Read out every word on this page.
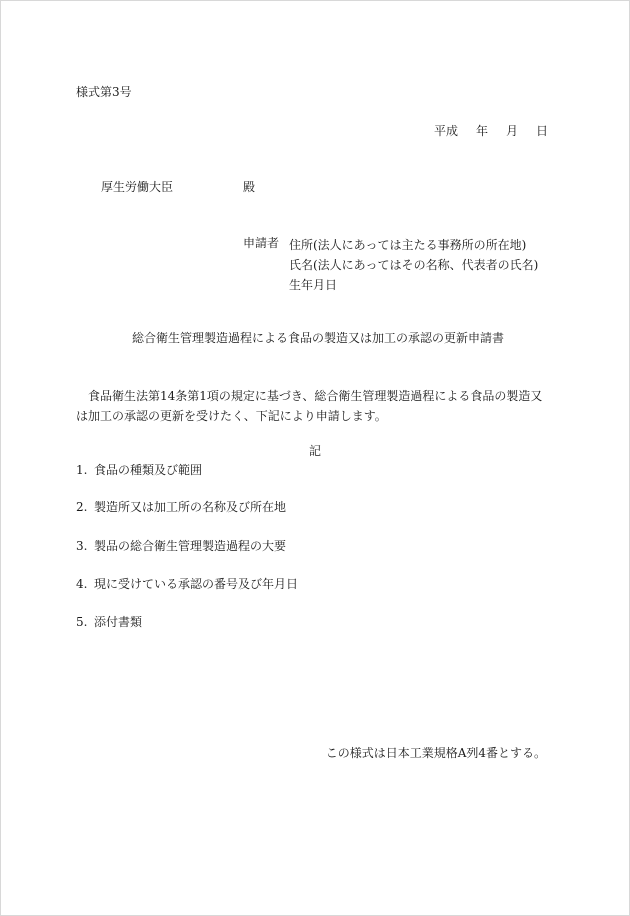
様式第3号
平成 年 月 日
厚生労働大臣	殿
申請者 住所(法人にあっては主たる事務所の所在地)
氏名(法人にあってはその名称、代表者の氏名)
生年月日
総合衛生管理製造過程による食品の製造又は加工の承認の更新申請書
食品衛生法第14条第1項の規定に基づき、総合衛生管理製造過程による食品の製造又は加工の承認の更新を受けたく、下記により申請します。
記
1. 食品の種類及び範囲
2. 製造所又は加工所の名称及び所在地
3. 製品の総合衛生管理製造過程の大要
4. 現に受けている承認の番号及び年月日
5. 添付書類
この様式は日本工業規格A列4番とする。
